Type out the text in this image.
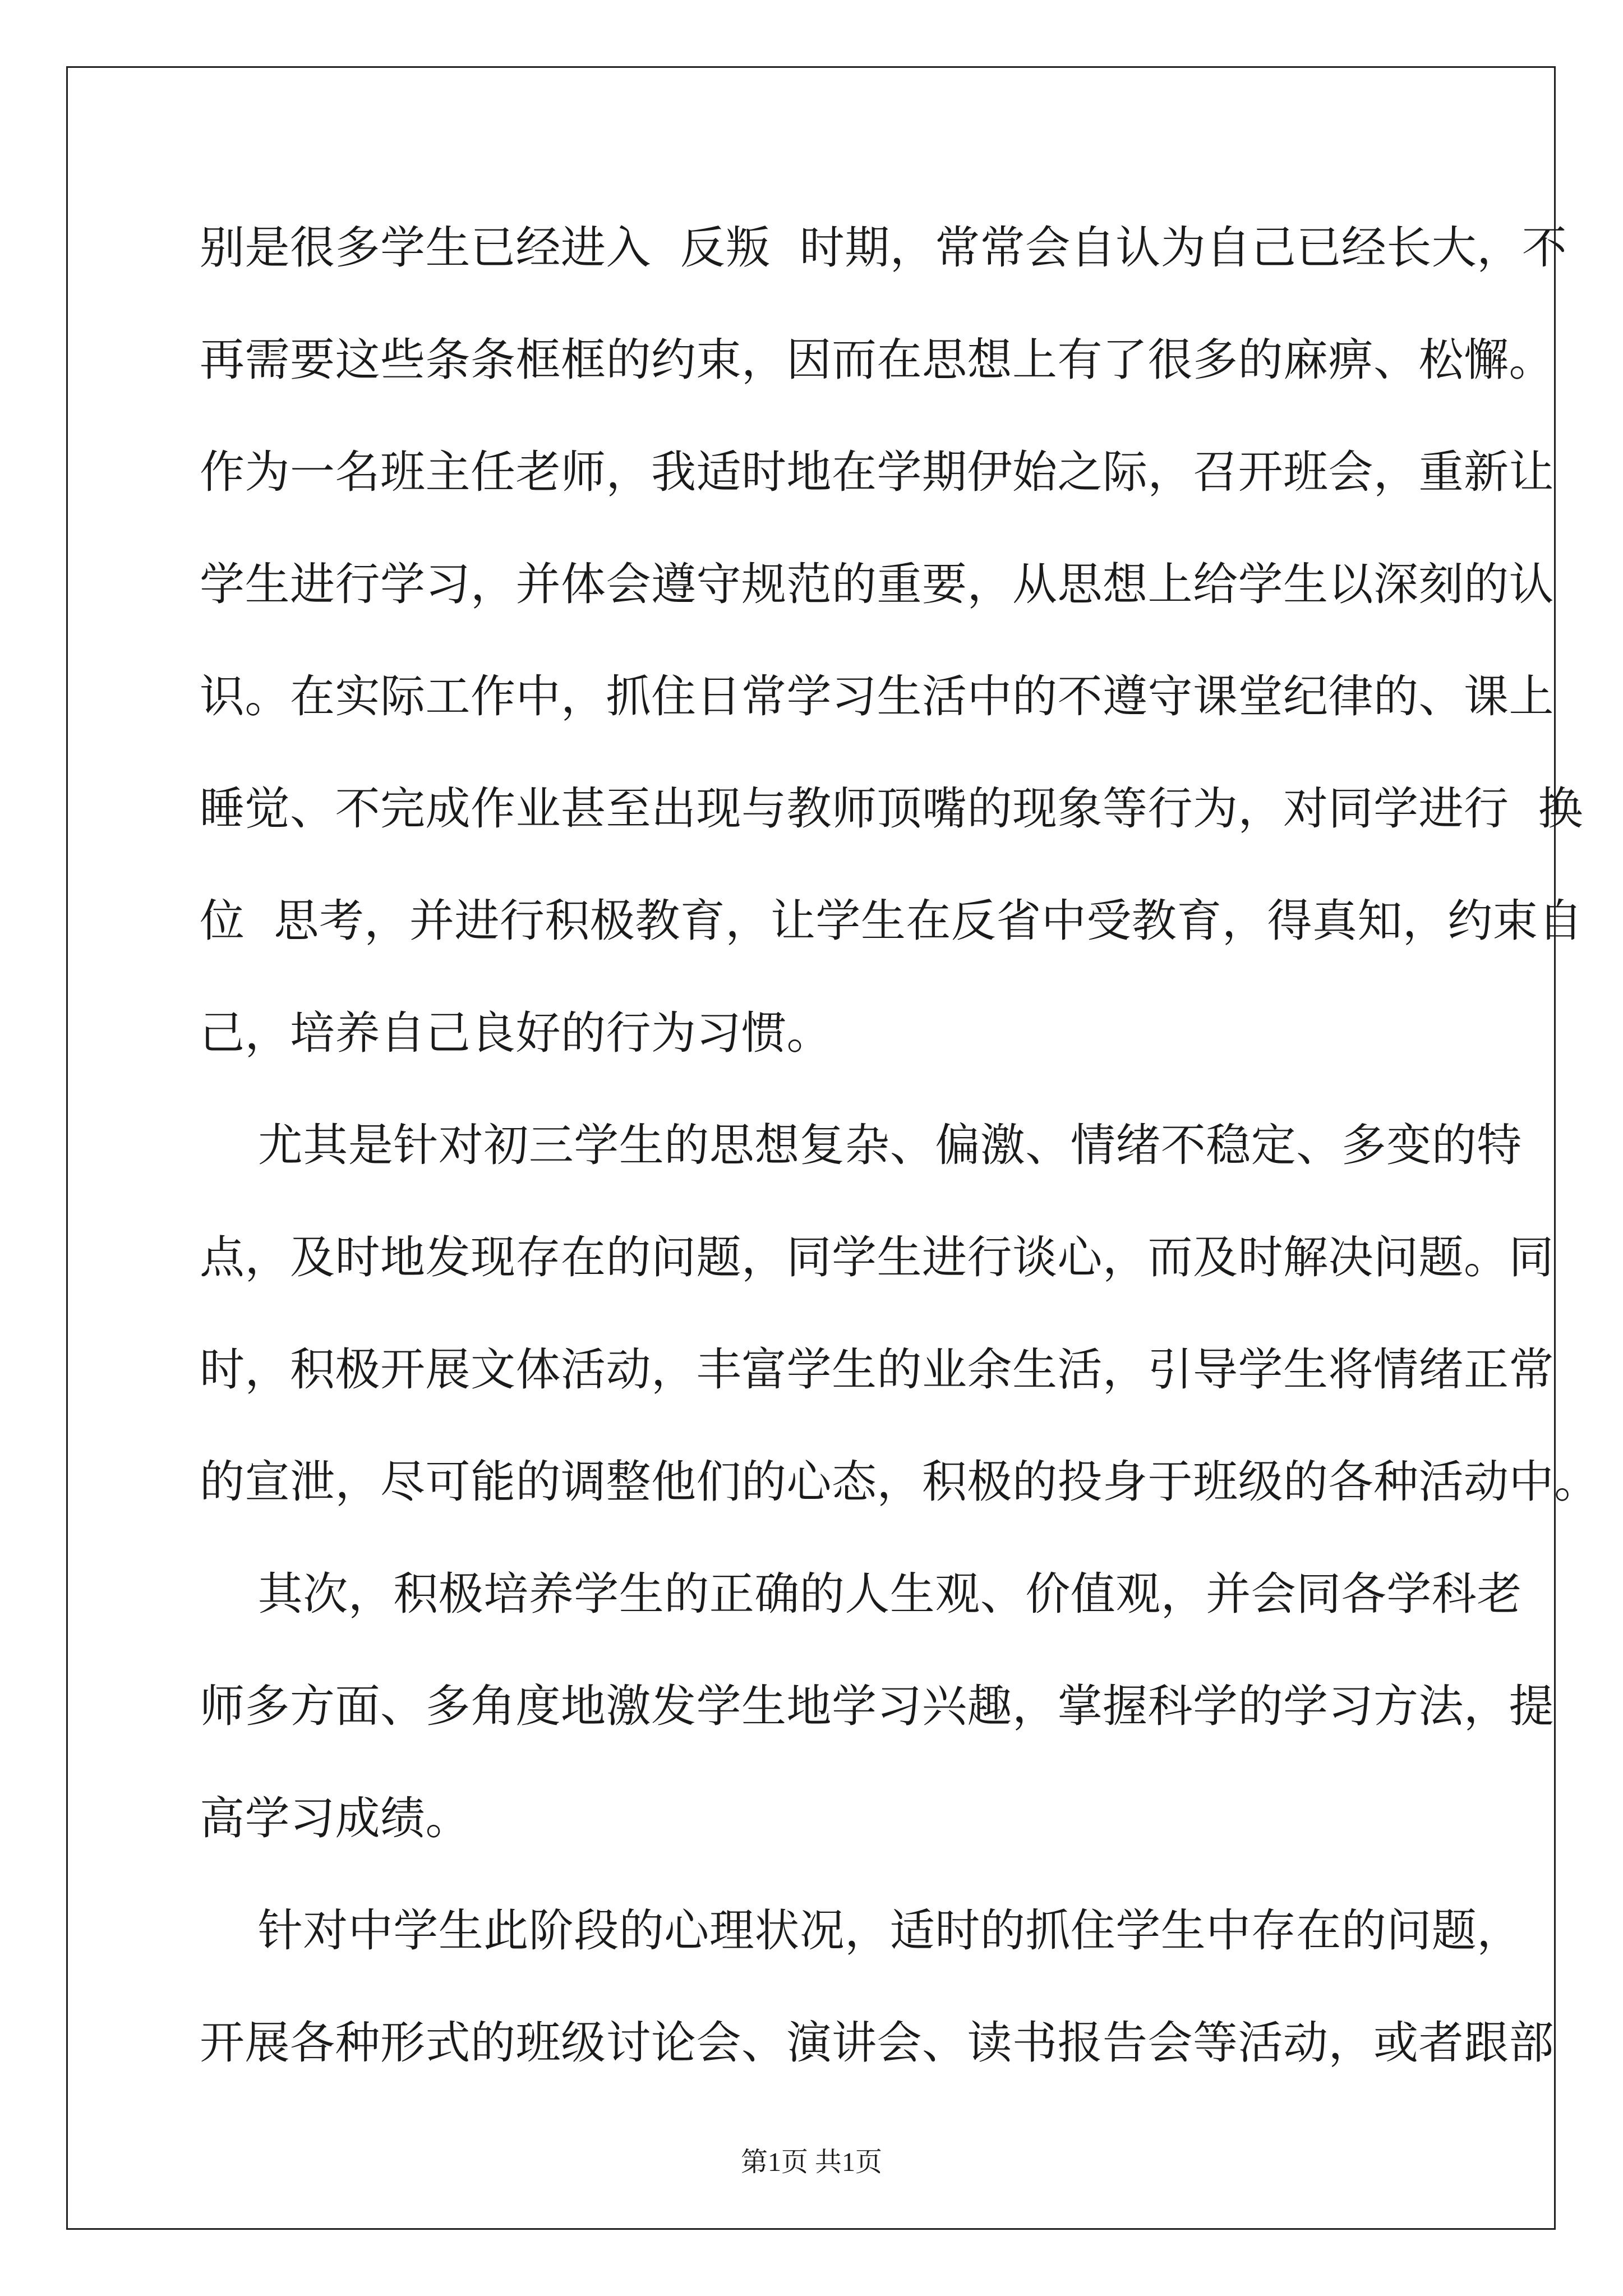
别是很多学生已经进入  反叛  时期，常常会自认为自己已经长大，不
再需要这些条条框框的约束，因而在思想上有了很多的麻痹、松懈。
作为一名班主任老师，我适时地在学期伊始之际，召开班会，重新让
学生进行学习，并体会遵守规范的重要，从思想上给学生以深刻的认
识。在实际工作中，抓住日常学习生活中的不遵守课堂纪律的、课上
睡觉、不完成作业甚至出现与教师顶嘴的现象等行为，对同学进行  换
位  思考，并进行积极教育，让学生在反省中受教育，得真知，约束自
己，培养自己良好的行为习惯。
尤其是针对初三学生的思想复杂、偏激、情绪不稳定、多变的特
点，及时地发现存在的问题，同学生进行谈心，而及时解决问题。同
时，积极开展文体活动，丰富学生的业余生活，引导学生将情绪正常
的宣泄，尽可能的调整他们的心态，积极的投身于班级的各种活动中。
其次，积极培养学生的正确的人生观、价值观，并会同各学科老
师多方面、多角度地激发学生地学习兴趣，掌握科学的学习方法，提
高学习成绩。
针对中学生此阶段的心理状况，适时的抓住学生中存在的问题，
开展各种形式的班级讨论会、演讲会、读书报告会等活动，或者跟部
第1页 共1页
